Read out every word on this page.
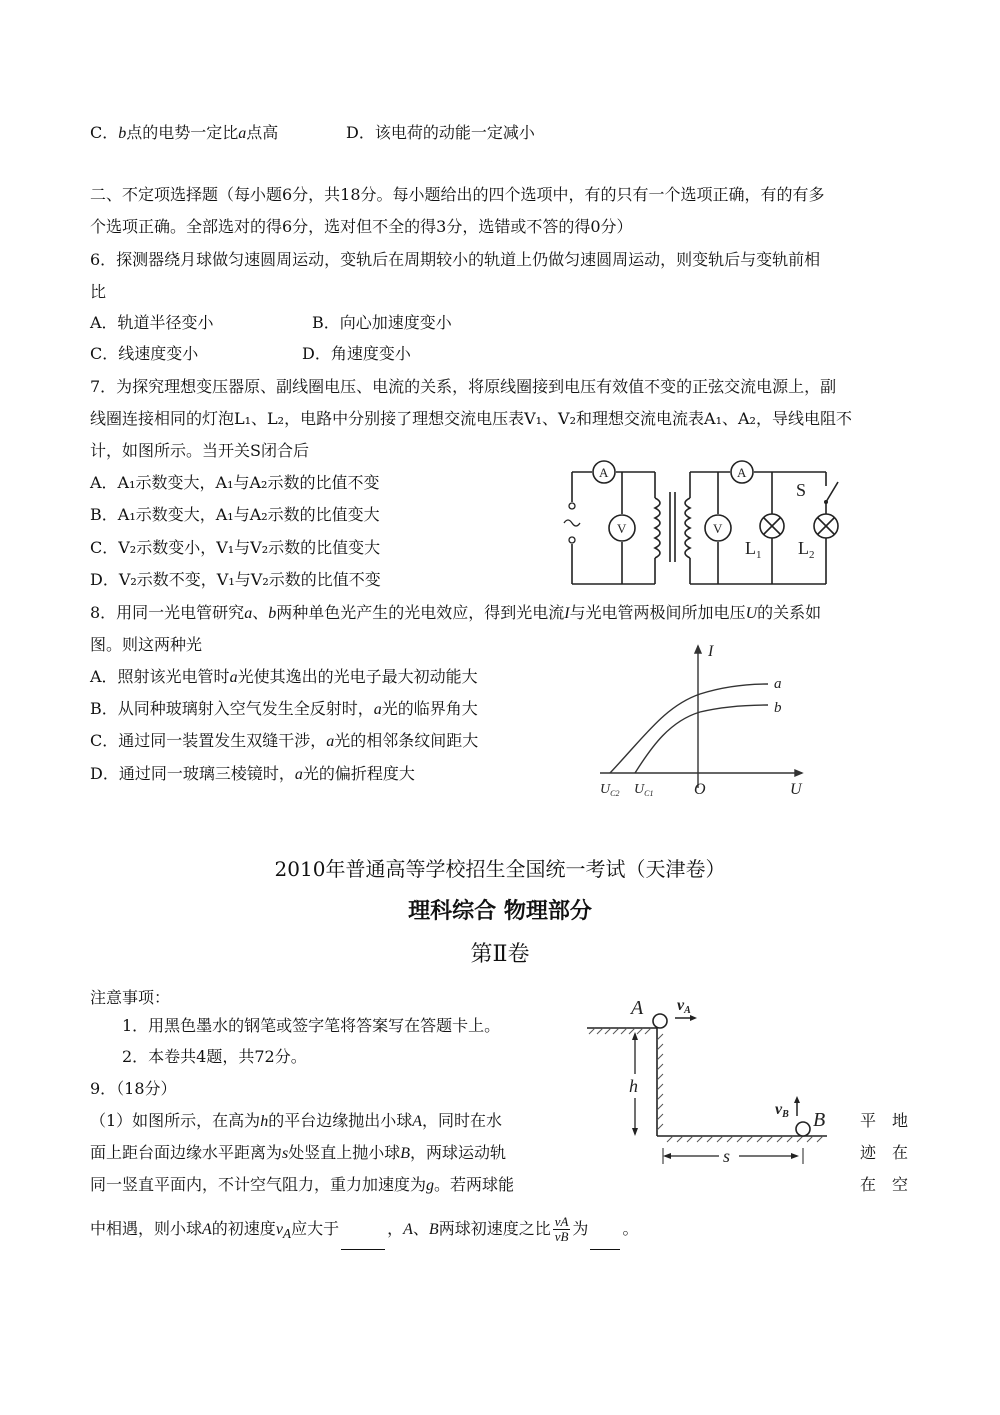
C．b点的电势一定比a点高	D．该电荷的动能一定减小
二、不定项选择题（每小题6分，共18分。每小题给出的四个选项中，有的只有一个选项正确，有的有多
个选项正确。全部选对的得6分，选对但不全的得3分，选错或不答的得0分）
6．探测器绕月球做匀速圆周运动，变轨后在周期较小的轨道上仍做匀速圆周运动，则变轨后与变轨前相
比
A．轨道半径变小	B．向心加速度变小
C．线速度变小	D．角速度变小
7．为探究理想变压器原、副线圈电压、电流的关系，将原线圈接到电压有效值不变的正弦交流电源上，副
线圈连接相同的灯泡L₁、L₂，电路中分别接了理想交流电压表V₁、V₂和理想交流电流表A₁、A₂，导线电阻不
计，如图所示。当开关S闭合后
A．A₁示数变大，A₁与A₂示数的比值不变
B．A₁示数变大，A₁与A₂示数的比值变大
C．V₂示数变小，V₁与V₂示数的比值变大
D．V₂示数不变，V₁与V₂示数的比值不变
A
V
A
V
$L_1$ $L_2$
S
8．用同一光电管研究a、b两种单色光产生的光电效应，得到光电流I与光电管两极间所加电压U的关系如
图。则这两种光
A．照射该光电管时a光使其逸出的光电子最大初动能大
B．从同种玻璃射入空气发生全反射时，a光的临界角大
C．通过同一装置发生双缝干涉，a光的相邻条纹间距大
D．通过同一玻璃三棱镜时，a光的偏折程度大
I
U
O
a
b
$U_{C2}$ $U_{C1}$
2010年普通高等学校招生全国统一考试（天津卷）
理科综合 物理部分
第Ⅱ卷
注意事项：
1．用黑色墨水的钢笔或签字笔将答案写在答题卡上。
2．本卷共4题，共72分。
9．（18分）
（1）如图所示，在高为h的平台边缘抛出小球A，同时在水	平　地
面上距台面边缘水平距离为s处竖直上抛小球B，两球运动轨	迹　在
同一竖直平面内，不计空气阻力，重力加速度为g。若两球能	在　空
中相遇，则小球A的初速度$v_A$应大于	，A、B两球初速度之比 $\frac{vA}{vB}$ 为 。
A vA
h
B
vB
s
